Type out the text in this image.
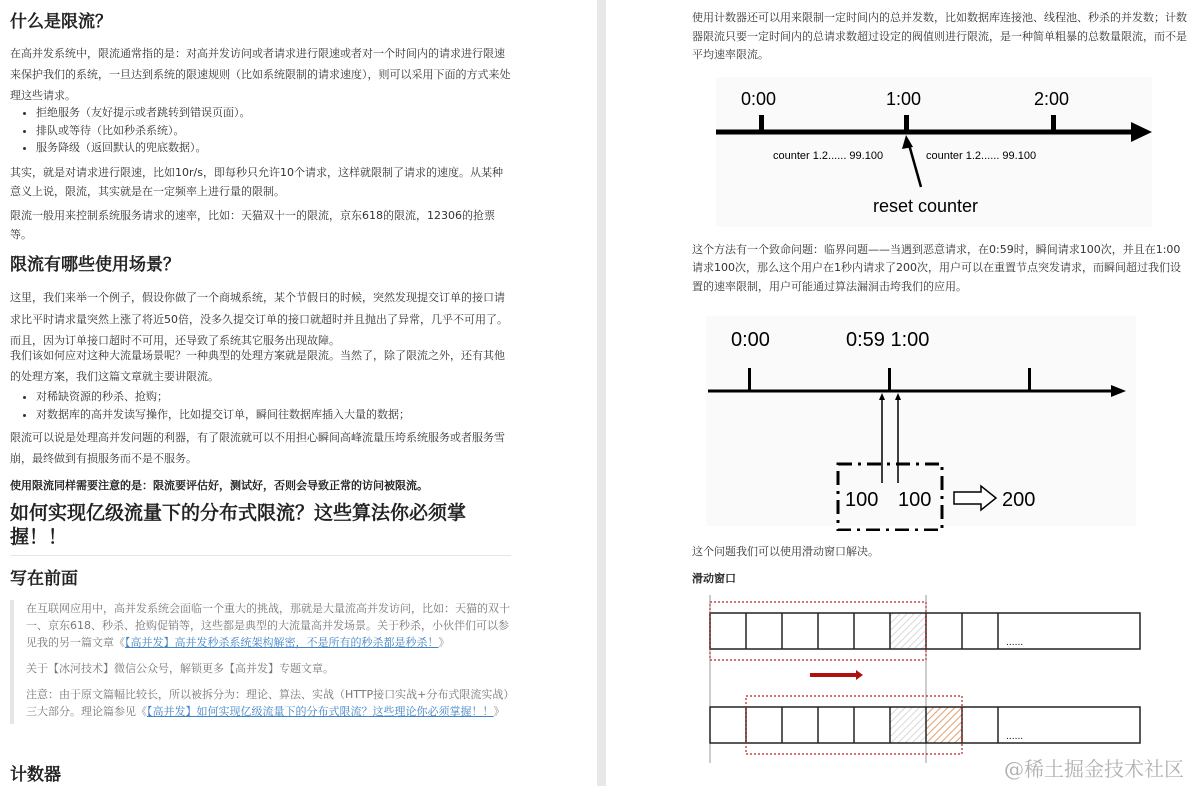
什么是限流？

在高并发系统中，限流通常指的是：对高并发访问或者请求进行限速或者对一个时间内的请求进行限速来保护我们的系统，一旦达到系统的限速规则（比如系统限制的请求速度），则可以采用下面的方式来处理这些请求。

• 拒绝服务（友好提示或者跳转到错误页面）。
• 排队或等待（比如秒杀系统）。
• 服务降级（返回默认的兜底数据）。

其实，就是对请求进行限速，比如10r/s，即每秒只允许10个请求，这样就限制了请求的速度。从某种意义上说，限流，其实就是在一定频率上进行量的限制。

限流一般用来控制系统服务请求的速率，比如：天猫双十一的限流，京东618的限流，12306的抢票等。

限流有哪些使用场景？

这里，我们来举一个例子，假设你做了一个商城系统，某个节假日的时候，突然发现提交订单的接口请求比平时请求量突然上涨了将近50倍，没多久提交订单的接口就超时并且抛出了异常，几乎不可用了。而且，因为订单接口超时不可用，还导致了系统其它服务出现故障。

我们该如何应对这种大流量场景呢？一种典型的处理方案就是限流。当然了，除了限流之外，还有其他的处理方案，我们这篇文章就主要讲限流。

• 对稀缺资源的秒杀、抢购；
• 对数据库的高并发读写操作，比如提交订单，瞬间往数据库插入大量的数据；

限流可以说是处理高并发问题的利器，有了限流就可以不用担心瞬间高峰流量压垮系统服务或者服务雪崩，最终做到有损服务而不是不服务。

使用限流同样需要注意的是：限流要评估好，测试好，否则会导致正常的访问被限流。

如何实现亿级流量下的分布式限流？这些算法你必须掌握！！
写在前面

在互联网应用中，高并发系统会面临一个重大的挑战，那就是大量流高并发访问，比如：天猫的双十一、京东618、秒杀、抢购促销等，这些都是典型的大流量高并发场景。关于秒杀，小伙伴们可以参见我的另一篇文章《【高并发】高并发秒杀系统架构解密，不是所有的秒杀都是秒杀！》

关于【冰河技术】微信公众号，解锁更多【高并发】专题文章。

注意：由于原文篇幅比较长，所以被拆分为：理论、算法、实战（HTTP接口实战+分布式限流实战）三大部分。理论篇参见《【高并发】如何实现亿级流量下的分布式限流？这些理论你必须掌握！！》

计数器

使用计数器还可以用来限制一定时间内的总并发数，比如数据库连接池、线程池、秒杀的并发数；计数器限流只要一定时间内的总请求数超过设定的阀值则进行限流，是一种简单粗暴的总数量限流，而不是平均速率限流。

0:00	1:00	2:00
counter 1.2...... 99.100	counter 1.2...... 99.100
reset counter

这个方法有一个致命问题：临界问题——当遇到恶意请求，在0:59时，瞬间请求100次，并且在1:00请求100次，那么这个用户在1秒内请求了200次，用户可以在重置节点突发请求，而瞬间超过我们设置的速率限制，用户可能通过算法漏洞击垮我们的应用。

0:00	0:59 1:00
100 100	200

这个问题我们可以使用滑动窗口解决。

滑动窗口

......
......
@稀土掘金技术社区
